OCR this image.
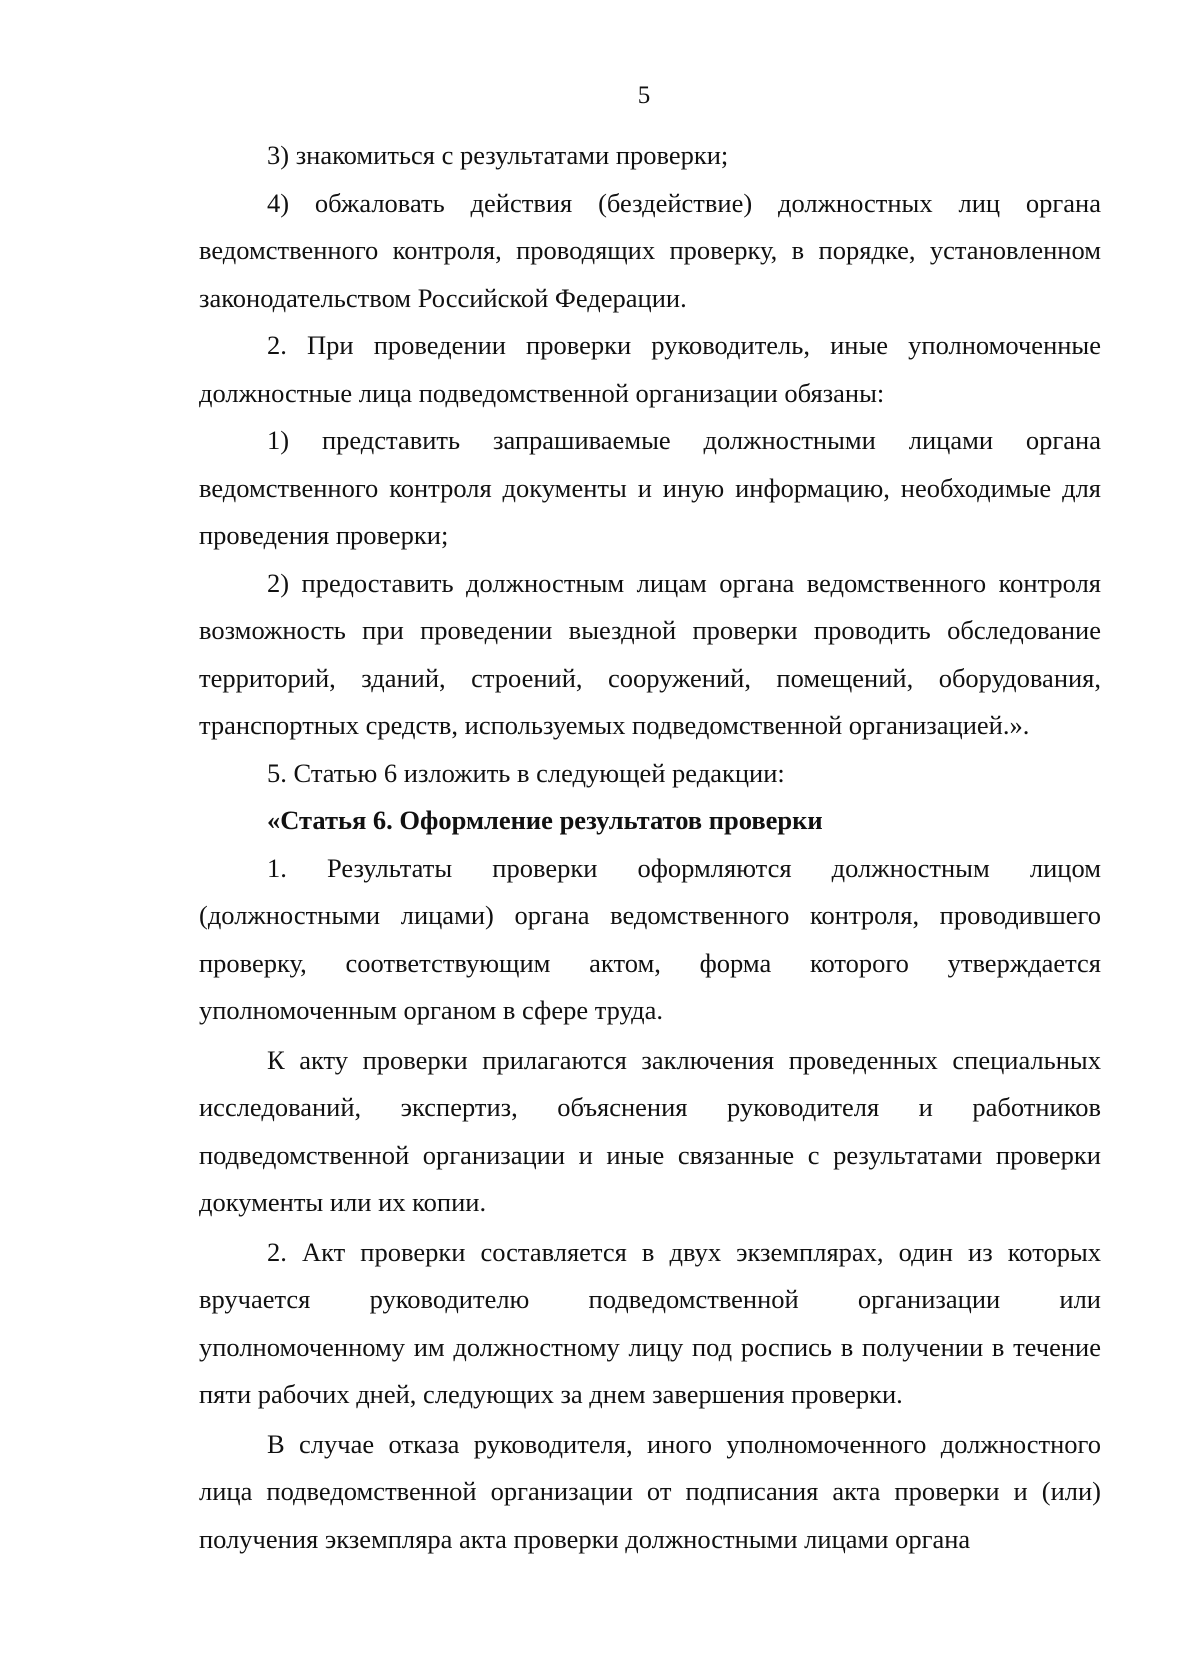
5

3) знакомиться с результатами проверки;

4) обжаловать действия (бездействие) должностных лиц органа ведомственного контроля, проводящих проверку, в порядке, установленном законодательством Российской Федерации.

2. При проведении проверки руководитель, иные уполномоченные должностные лица подведомственной организации обязаны:

1) представить запрашиваемые должностными лицами органа ведомственного контроля документы и иную информацию, необходимые для проведения проверки;

2) предоставить должностным лицам органа ведомственного контроля возможность при проведении выездной проверки проводить обследование территорий, зданий, строений, сооружений, помещений, оборудования, транспортных средств, используемых подведомственной организацией.».

5. Статью 6 изложить в следующей редакции:

«Статья 6. Оформление результатов проверки

1. Результаты проверки оформляются должностным лицом (должностными лицами) органа ведомственного контроля, проводившего проверку, соответствующим актом, форма которого утверждается уполномоченным органом в сфере труда.

К акту проверки прилагаются заключения проведенных специальных исследований, экспертиз, объяснения руководителя и работников подведомственной организации и иные связанные с результатами проверки документы или их копии.

2. Акт проверки составляется в двух экземплярах, один из которых вручается руководителю подведомственной организации или уполномоченному им должностному лицу под роспись в получении в течение пяти рабочих дней, следующих за днем завершения проверки.

В случае отказа руководителя, иного уполномоченного должностного лица подведомственной организации от подписания акта проверки и (или) получения экземпляра акта проверки должностными лицами органа
